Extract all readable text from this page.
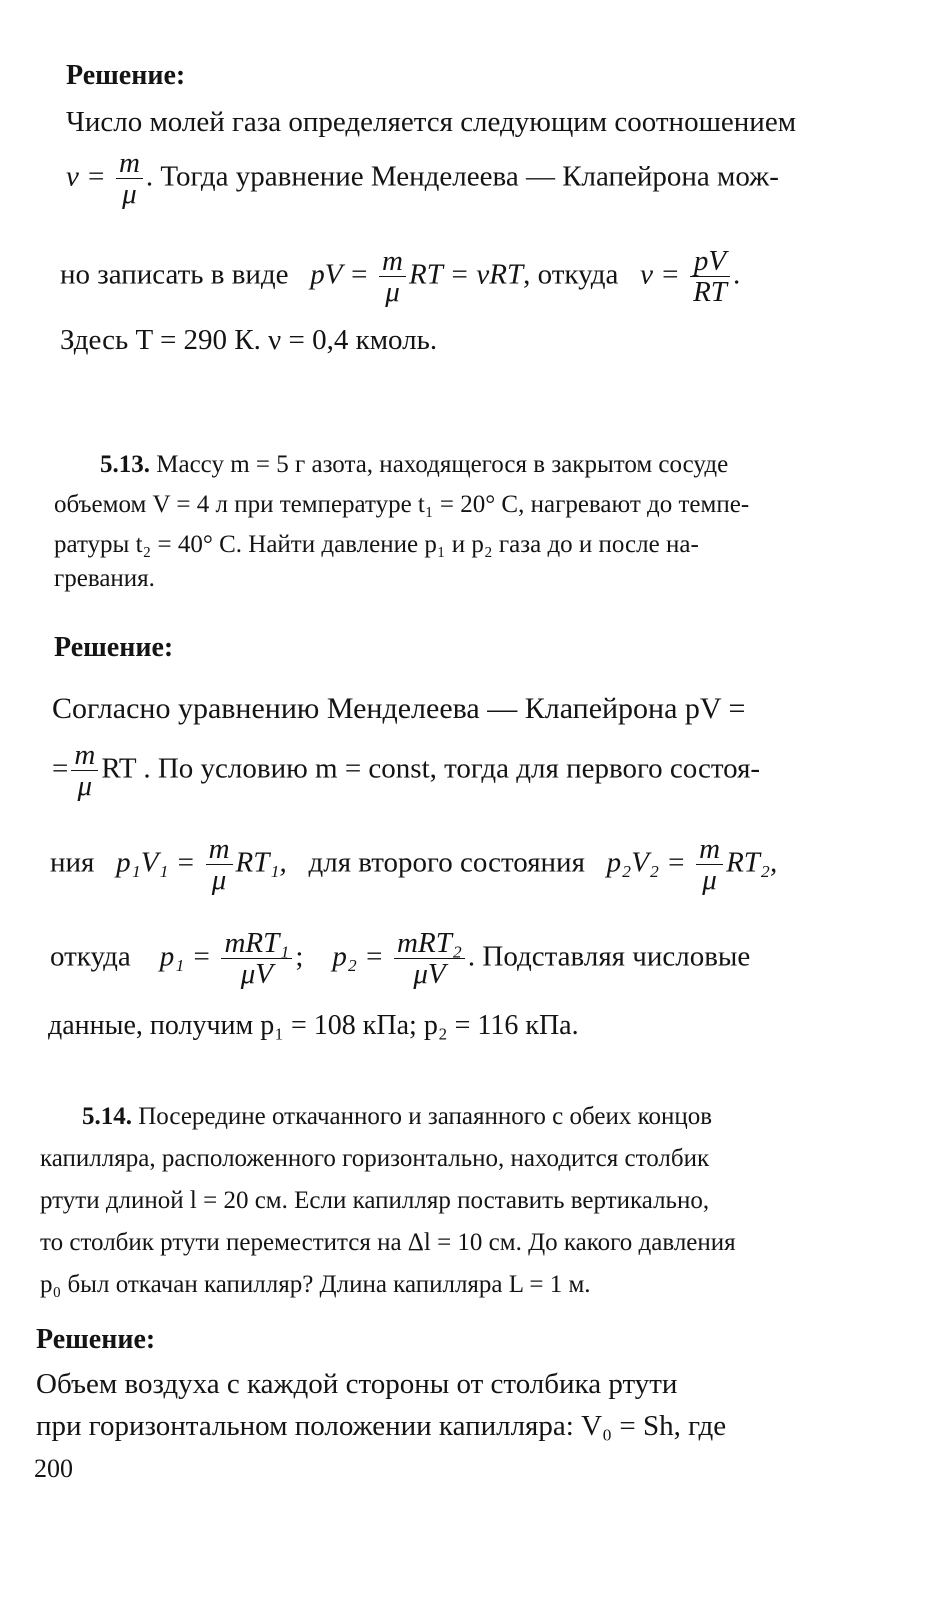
Решение:
Число молей газа определяется следующим соотношением
$\nu = \frac{m}{\mu}$ . Тогда уравнение Менделеева — Клапейрона мож-
но записать в виде pV = $\frac{m}{\mu}$ RT = νRT, откуда $\nu = \frac{pV}{RT}$ .
Здесь T = 290 К. ν = 0,4 кмоль.
5.13. Массу m = 5 г азота, находящегося в закрытом сосуде
объемом V = 4 л при температуре t₁ = 20° С, нагревают до темпе-
ратуры t₂ = 40° С. Найти давление p₁ и p₂ газа до и после на-
гревания.
Решение:
Согласно уравнению Менделеева — Клапейрона pV =
= $\frac{m}{\mu}$ RT . По условию m = const, тогда для первого состоя-
ния $p_1V_1 = \frac{m}{\mu} RT_1$, для второго состояния $p_2V_2 = \frac{m}{\mu} RT_2$,
откуда $p_1 = \frac{\text{mRT₁}}{\mu V}$ ; $p_2 = \frac{\text{mRT₂}}{\mu V}$ . Подставляя числовые
данные, получим p₁ = 108 кПа; p₂ = 116 кПа.
5.14. Посередине откачанного и запаянного с обеих концов
капилляра, расположенного горизонтально, находится столбик
ртути длиной l = 20 см. Если капилляр поставить вертикально,
то столбик ртути переместится на Δl = 10 см. До какого давления
p₀ был откачан капилляр? Длина капилляра L = 1 м.
Решение:
Объем воздуха с каждой стороны от столбика ртути
при горизонтальном положении капилляра: V₀ = Sh, где
200
